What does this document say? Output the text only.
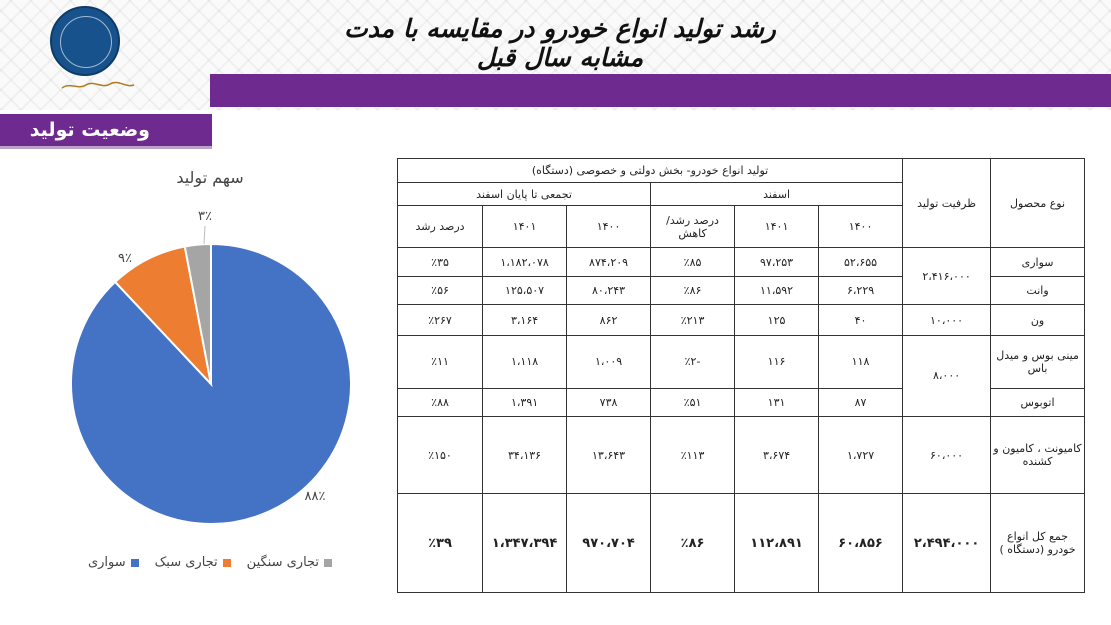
رشد تولید انواع خودرو در مقایسه با مدت مشابه سال قبل
وضعیت تولید
سهم تولید
۸۸٪
۹٪
۳٪
سواری تجاری سبک تجاری سنگین
نوع محصول	ظرفیت تولید	تولید انواع خودرو- بخش دولتی و خصوصی (دستگاه)					
		اسفند			تجمعی تا پایان اسفند		
		۱۴۰۰	۱۴۰۱	درصد رشد/کاهش	۱۴۰۰	۱۴۰۱	درصد رشد
سواری	۲،۴۱۶،۰۰۰	۵۲،۶۵۵	۹۷،۲۵۳	٪۸۵	۸۷۴،۲۰۹	۱،۱۸۲،۰۷۸	٪۳۵
وانت		۶،۲۲۹	۱۱،۵۹۲	٪۸۶	۸۰،۲۴۳	۱۲۵،۵۰۷	٪۵۶
ون	۱۰،۰۰۰	۴۰	۱۲۵	٪۲۱۳	۸۶۲	۳،۱۶۴	٪۲۶۷
مینی بوس و میدل باس	۸،۰۰۰	۱۱۸	۱۱۶	-٪۲	۱،۰۰۹	۱،۱۱۸	٪۱۱
اتوبوس		۸۷	۱۳۱	٪۵۱	۷۳۸	۱،۳۹۱	٪۸۸
کامیونت ، کامیون و کشنده	۶۰،۰۰۰	۱،۷۲۷	۳،۶۷۴	٪۱۱۳	۱۳،۶۴۳	۳۴،۱۳۶	٪۱۵۰
جمع کل انواع خودرو (دستگاه )	۲،۴۹۴،۰۰۰	۶۰،۸۵۶	۱۱۲،۸۹۱	٪۸۶	۹۷۰،۷۰۴	۱،۳۴۷،۳۹۴	٪۳۹
